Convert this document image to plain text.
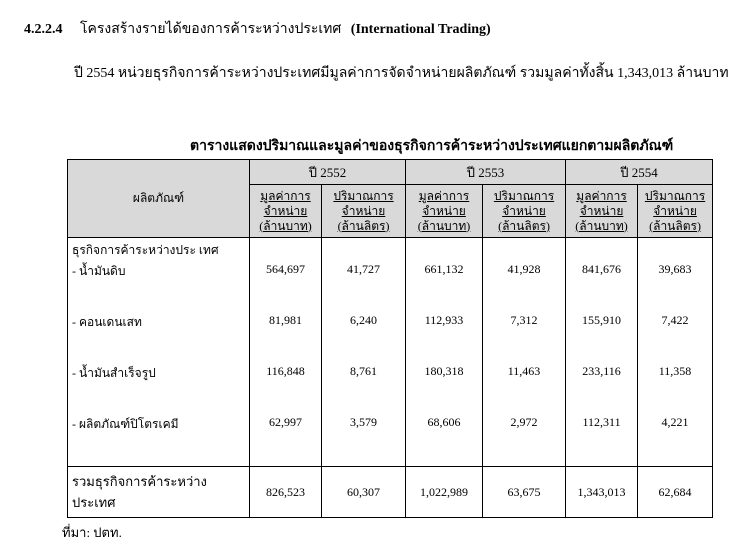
4.2.2.4 โครงสร้างรายได้ของการค้าระหว่างประเทศ (International Trading)
ปี 2554 หน่วยธุรกิจการค้าระหว่างประเทศมีมูลค่าการจัดจำหน่ายผลิตภัณฑ์ รวมมูลค่าทั้งสิ้น 1,343,013 ล้านบาท
ตารางแสดงปริมาณและมูลค่าของธุรกิจการค้าระหว่างประเทศแยกตามผลิตภัณฑ์
ผลิตภัณฑ์	ปี 2552		ปี 2553		ปี 2554	

	มูลค่าการ
จำหน่าย
(ล้านบาท)	ปริมาณการ
จำหน่าย
(ล้านลิตร)	มูลค่าการ
จำหน่าย
(ล้านบาท)	ปริมาณการ
จำหน่าย
(ล้านลิตร)	มูลค่าการ
จำหน่าย
(ล้านบาท)	ปริมาณการ
จำหน่าย
(ล้านลิตร)

ธุรกิจการค้าระหว่างประ เทศ						
- น้ำมันดิบ	564,697	41,727	661,132	41,928	841,676	39,683
- คอนเดนเสท	81,981	6,240	112,933	7,312	155,910	7,422
- น้ำมันสำเร็จรูป	116,848	8,761	180,318	11,463	233,116	11,358
- ผลิตภัณฑ์ปิโตรเคมี	62,997	3,579	68,606	2,972	112,311	4,221
รวมธุรกิจการค้าระหว่างประเทศ	826,523	60,307	1,022,989	63,675	1,343,013	62,684
ที่มา: ปตท.
